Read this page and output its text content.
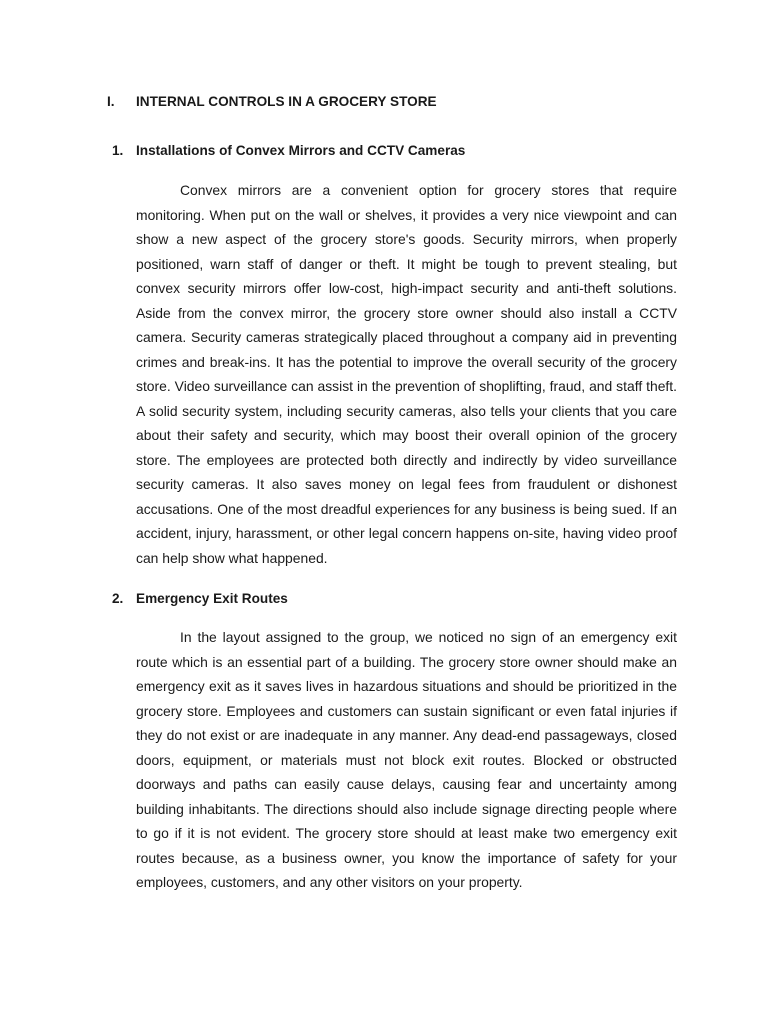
I. INTERNAL CONTROLS IN A GROCERY STORE
1. Installations of Convex Mirrors and CCTV Cameras

Convex mirrors are a convenient option for grocery stores that require monitoring. When put on the wall or shelves, it provides a very nice viewpoint and can show a new aspect of the grocery store's goods. Security mirrors, when properly positioned, warn staff of danger or theft. It might be tough to prevent stealing, but convex security mirrors offer low-cost, high-impact security and anti-theft solutions. Aside from the convex mirror, the grocery store owner should also install a CCTV camera. Security cameras strategically placed throughout a company aid in preventing crimes and break-ins. It has the potential to improve the overall security of the grocery store. Video surveillance can assist in the prevention of shoplifting, fraud, and staff theft. A solid security system, including security cameras, also tells your clients that you care about their safety and security, which may boost their overall opinion of the grocery store. The employees are protected both directly and indirectly by video surveillance security cameras. It also saves money on legal fees from fraudulent or dishonest accusations. One of the most dreadful experiences for any business is being sued. If an accident, injury, harassment, or other legal concern happens on-site, having video proof can help show what happened.

2. Emergency Exit Routes

In the layout assigned to the group, we noticed no sign of an emergency exit route which is an essential part of a building. The grocery store owner should make an emergency exit as it saves lives in hazardous situations and should be prioritized in the grocery store. Employees and customers can sustain significant or even fatal injuries if they do not exist or are inadequate in any manner. Any dead-end passageways, closed doors, equipment, or materials must not block exit routes. Blocked or obstructed doorways and paths can easily cause delays, causing fear and uncertainty among building inhabitants. The directions should also include signage directing people where to go if it is not evident. The grocery store should at least make two emergency exit routes because, as a business owner, you know the importance of safety for your employees, customers, and any other visitors on your property.
